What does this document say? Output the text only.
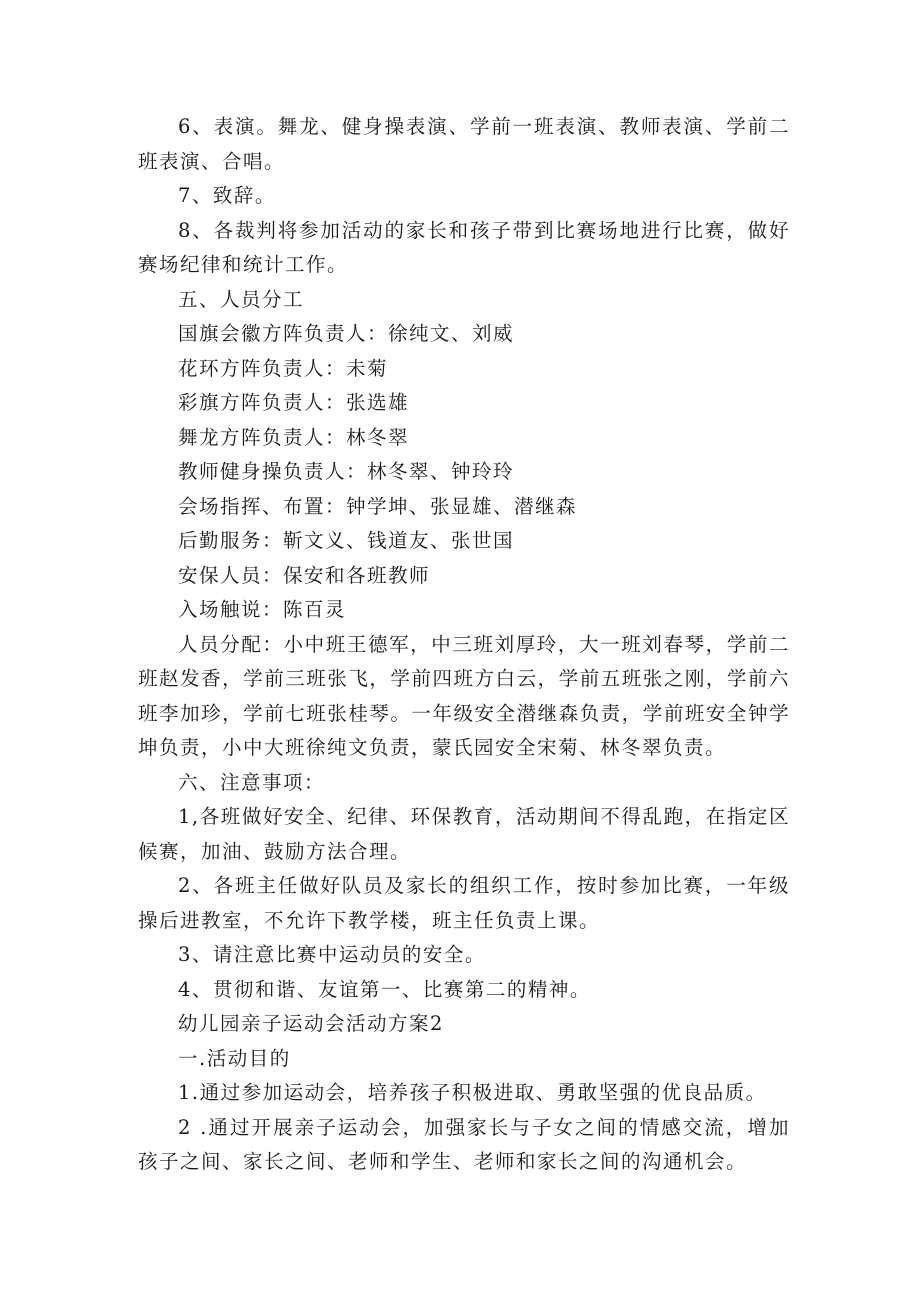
6、表演。舞龙、健身操表演、学前一班表演、教师表演、学前二班表演、合唱。

7、致辞。

8、各裁判将参加活动的家长和孩子带到比赛场地进行比赛，做好赛场纪律和统计工作。

五、人员分工

国旗会徽方阵负责人：徐纯文、刘威

花环方阵负责人：未菊

彩旗方阵负责人：张选雄

舞龙方阵负责人：林冬翠

教师健身操负责人：林冬翠、钟玲玲

会场指挥、布置：钟学坤、张显雄、潜继森

后勤服务：靳文义、钱道友、张世国

安保人员：保安和各班教师

入场触说：陈百灵

人员分配：小中班王德军，中三班刘厚玲，大一班刘春琴，学前二班赵发香，学前三班张飞，学前四班方白云，学前五班张之刚，学前六班李加珍，学前七班张桂琴。一年级安全潜继森负责，学前班安全钟学坤负责，小中大班徐纯文负责，蒙氏园安全宋菊、林冬翠负责。

六、注意事项：

1,各班做好安全、纪律、环保教育，活动期间不得乱跑，在指定区候赛，加油、鼓励方法合理。

2、各班主任做好队员及家长的组织工作，按时参加比赛，一年级操后进教室，不允许下教学楼，班主任负责上课。

3、请注意比赛中运动员的安全。

4、贯彻和谐、友谊第一、比赛第二的精神。

幼儿园亲子运动会活动方案2

一.活动目的

1.通过参加运动会，培养孩子积极进取、勇敢坚强的优良品质。

2 .通过开展亲子运动会，加强家长与子女之间的情感交流，增加孩子之间、家长之间、老师和学生、老师和家长之间的沟通机会。
